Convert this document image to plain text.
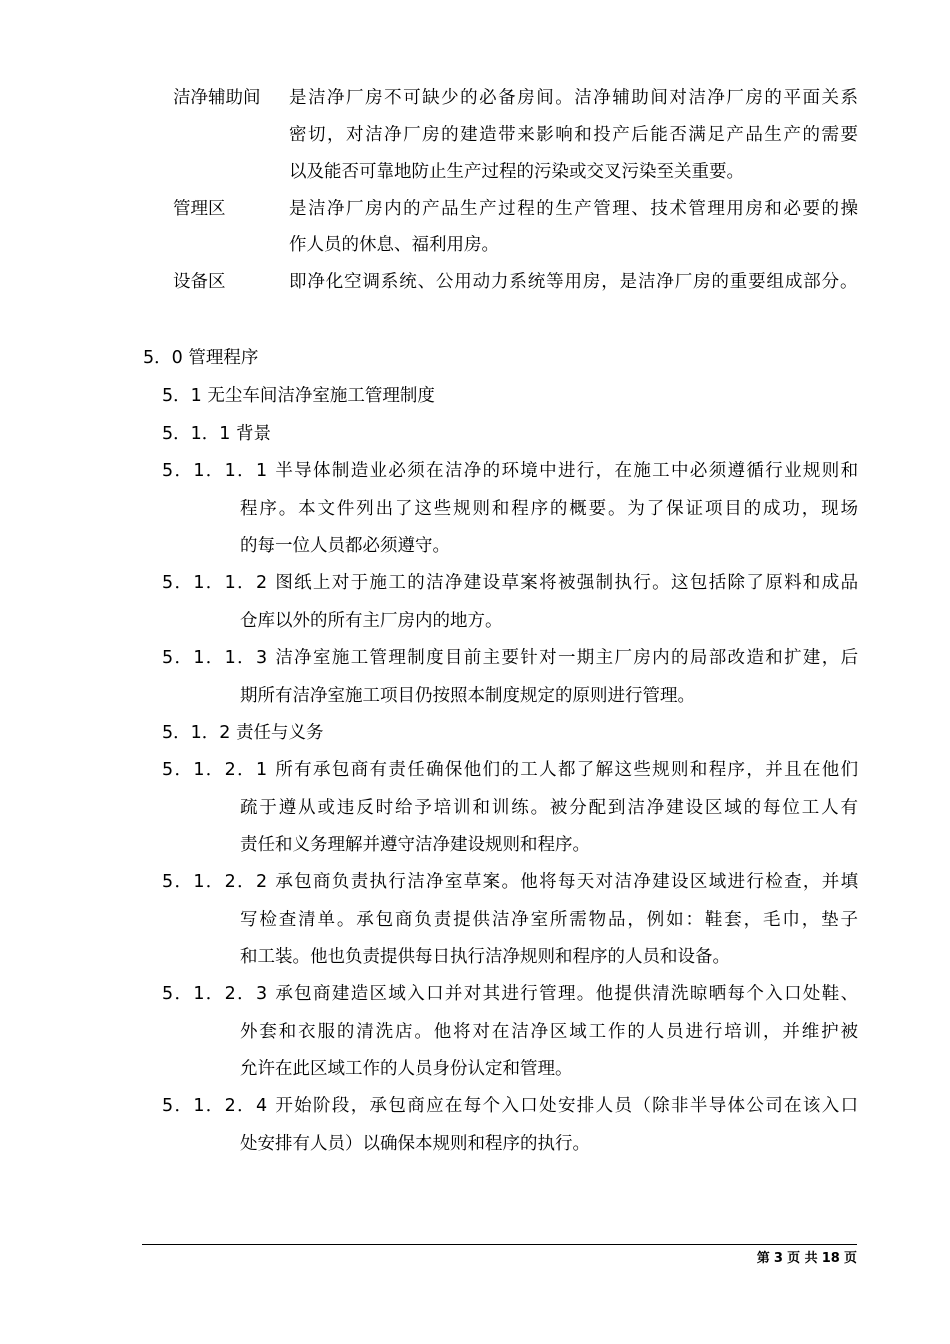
洁净辅助间 是洁净厂房不可缺少的必备房间。洁净辅助间对洁净厂房的平面关系
密切，对洁净厂房的建造带来影响和投产后能否满足产品生产的需要
以及能否可靠地防止生产过程的污染或交叉污染至关重要。
管理区	是洁净厂房内的产品生产过程的生产管理、技术管理用房和必要的操
作人员的休息、福利用房。
设备区	即净化空调系统、公用动力系统等用房，是洁净厂房的重要组成部分。
5．0 管理程序
5．1 无尘车间洁净室施工管理制度
5．1．1 背景
5．1．1．1 半导体制造业必须在洁净的环境中进行，在施工中必须遵循行业规则和
程序。本文件列出了这些规则和程序的概要。为了保证项目的成功，现场
的每一位人员都必须遵守。
5．1．1．2 图纸上对于施工的洁净建设草案将被强制执行。这包括除了原料和成品
仓库以外的所有主厂房内的地方。
5．1．1．3 洁净室施工管理制度目前主要针对一期主厂房内的局部改造和扩建，后
期所有洁净室施工项目仍按照本制度规定的原则进行管理。
5．1．2 责任与义务
5．1．2．1 所有承包商有责任确保他们的工人都了解这些规则和程序，并且在他们
疏于遵从或违反时给予培训和训练。被分配到洁净建设区域的每位工人有
责任和义务理解并遵守洁净建设规则和程序。
5．1．2．2 承包商负责执行洁净室草案。他将每天对洁净建设区域进行检查，并填
写检查清单。承包商负责提供洁净室所需物品，例如：鞋套，毛巾，垫子
和工装。他也负责提供每日执行洁净规则和程序的人员和设备。
5．1．2．3 承包商建造区域入口并对其进行管理。他提供清洗晾晒每个入口处鞋、
外套和衣服的清洗店。他将对在洁净区域工作的人员进行培训，并维护被
允许在此区域工作的人员身份认定和管理。
5．1．2．4 开始阶段，承包商应在每个入口处安排人员（除非半导体公司在该入口
处安排有人员）以确保本规则和程序的执行。
第 3 页 共 18 页
